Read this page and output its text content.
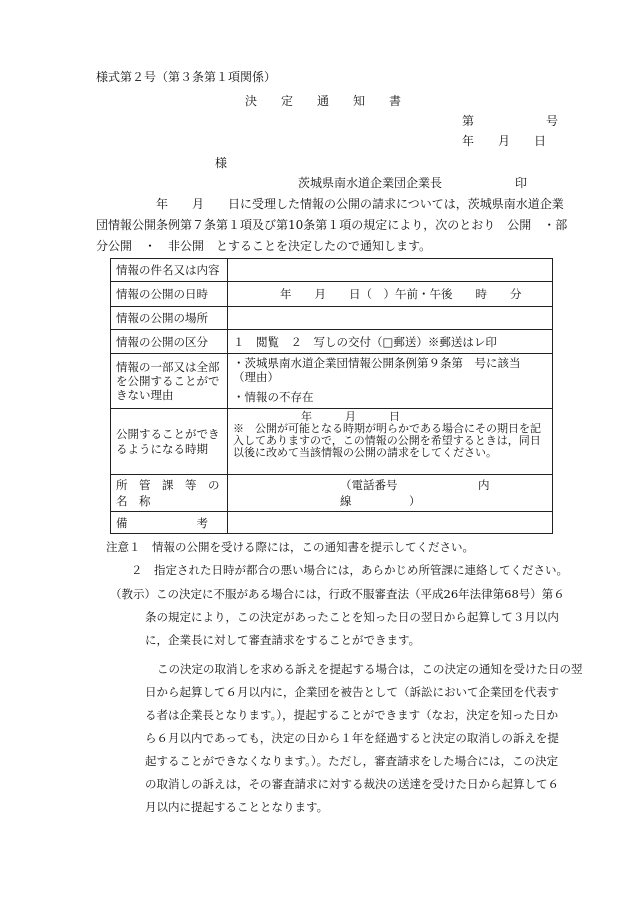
様式第２号（第３条第１項関係）
決　　定　　通　　知　　書
第　　　　　　号
年　　月　　日
様
茨城県南水道企業団企業長	印
　　　　　年　　月　　日に受理した情報の公開の請求については，茨城県南水道企業
団情報公開条例第７条第１項及び第10条第１項の規定により，次のとおり　公開　・部
分公開　・　非公開　とすることを決定したので通知します。
情報の件名又は内容	
情報の公開の日時	年　　月　　日（　）午前・午後　　時　　分
情報の公開の場所	
情報の公開の区分	１　閲覧　２　写しの交付（□郵送）※郵送はレ印
情報の一部又は全部を公開することができない理由	・茨城県南水道企業団情報公開条例第９条第　号に該当
（理由）
・情報の不存在

公開することができるようになる時期	年　　　月　　　日
※　公開が可能となる時期が明らかである場合にその期日を記入してありますので，この情報の公開を希望するときは，同日以後に改めて当該情報の公開の請求をしてください。

所　管　課　等　の　名　称	（電話番号　　　　　　　内線　　　　　）
備　　　　　　考	
注意１　情報の公開を受ける際には，この通知書を提示してください。
２　指定された日時が都合の悪い場合には，あらかじめ所管課に連絡してください。
（教示）この決定に不服がある場合には，行政不服審査法（平成26年法律第68号）第６
条の規定により，この決定があったことを知った日の翌日から起算して３月以内
に，企業長に対して審査請求をすることができます。
この決定の取消しを求める訴えを提起する場合は，この決定の通知を受けた日の翌
日から起算して６月以内に，企業団を被告として（訴訟において企業団を代表す
る者は企業長となります。），提起することができます（なお，決定を知った日か
ら６月以内であっても，決定の日から１年を経過すると決定の取消しの訴えを提
起することができなくなります。）。ただし，審査請求をした場合には，この決定
の取消しの訴えは，その審査請求に対する裁決の送達を受けた日から起算して６
月以内に提起することとなります。
